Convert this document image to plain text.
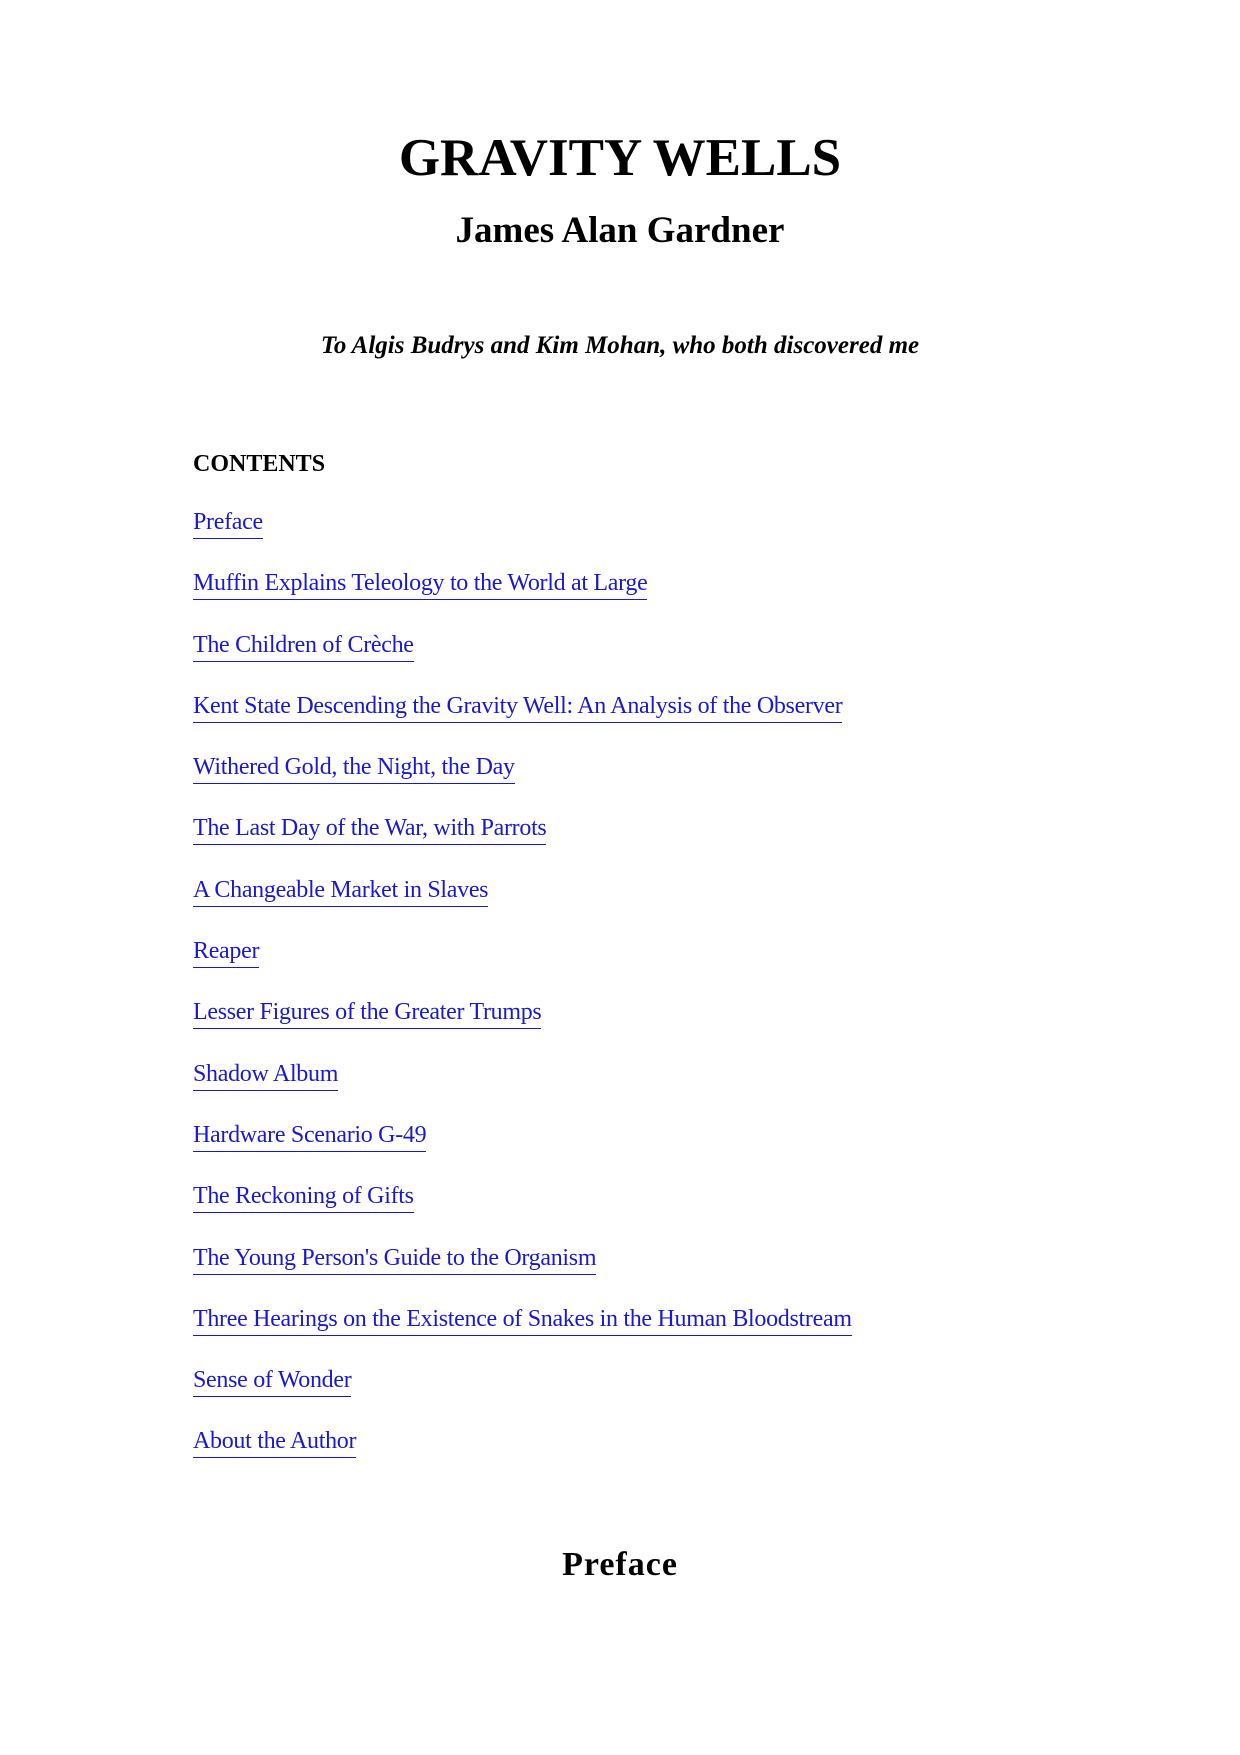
GRAVITY WELLS
James Alan Gardner

To Algis Budrys and Kim Mohan, who both discovered me

CONTENTS

Preface
Muffin Explains Teleology to the World at Large
The Children of Crèche
Kent State Descending the Gravity Well: An Analysis of the Observer
Withered Gold, the Night, the Day
The Last Day of the War, with Parrots
A Changeable Market in Slaves
Reaper
Lesser Figures of the Greater Trumps
Shadow Album
Hardware Scenario G-49
The Reckoning of Gifts
The Young Person's Guide to the Organism
Three Hearings on the Existence of Snakes in the Human Bloodstream
Sense of Wonder
About the Author
Preface
